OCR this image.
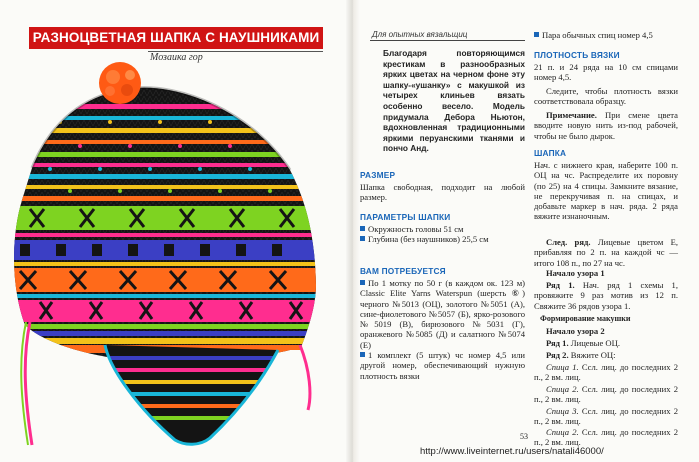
РАЗНОЦВЕТНАЯ ШАПКА С НАУШНИКАМИ
Мозаика гор
Для опытных вязальщиц
Благодаря повторяющимся крестикам в разнообразных ярких цветах на черном фоне эту шапку-«ушанку» с макушкой из четырех клиньев вязать особенно весело. Модель придумала Дебора Ньютон, вдохновленная традиционными яркими перуанскими тканями и пончо Анд.
РАЗМЕР
Шапка свободная, подходит на любой размер.
ПАРАМЕТРЫ ШАПКИ

Окружность головы 51 см

Глубина (без наушников) 25,5 см

ВАМ ПОТРЕБУЕТСЯ

По 1 мотку по 50 г (в каждом ок. 123 м) Classic Elite Yarns Waterspun (шерсть ⑥) черного №5013 (ОЦ), золотого №5051 (А), сине-фиолетового №5057 (Б), ярко-розового №5019 (В), бирюзового №5031 (Г), оранжевого №5085 (Д) и салатного №5074 (Е)

1 комплект (5 штук) чс номер 4,5 или другой номер, обеспечивающий нужную плотность вязки

Пара обычных спиц номер 4,5
ПЛОТНОСТЬ ВЯЗКИ
21 п. и 24 ряда на 10 см спицами номер 4,5.
Следите, чтобы плотность вязки соответствовала образцу.
Примечание. При смене цвета вводите новую нить из-под рабочей, чтобы не было дырок.
ШАПКА
Нач. с нижнего края, наберите 100 п. ОЦ на чс. Распределите их поровну (по 25) на 4 спицы. Замкните вязание, не перекручивая п. на спицах, и добавьте маркер в нач. ряда. 2 ряда вяжите изнаночным.
След. ряд. Лицевые цветом Е, прибавляя по 2 п. на каждой чс — итого 108 п., по 27 на чс.
Начало узора 1
Ряд 1. Нач. ряд 1 схемы 1, провяжите 9 раз мотив из 12 п. Свяжите 36 рядов узора 1.
Формирование макушки
Начало узора 2
Ряд 1. Лицевые ОЦ.
Ряд 2. Вяжите ОЦ:
Спица 1. Ссл. лиц. до последних 2 п., 2 вм. лиц.
Спица 2. Ссл. лиц. до последних 2 п., 2 вм. лиц.
Спица 3. Ссл. лиц. до последних 2 п., 2 вм. лиц.
Спица 2. Ссл. лиц. до последних 2 п., 2 вм. лиц.
53
http://www.liveinternet.ru/users/natali46000/
